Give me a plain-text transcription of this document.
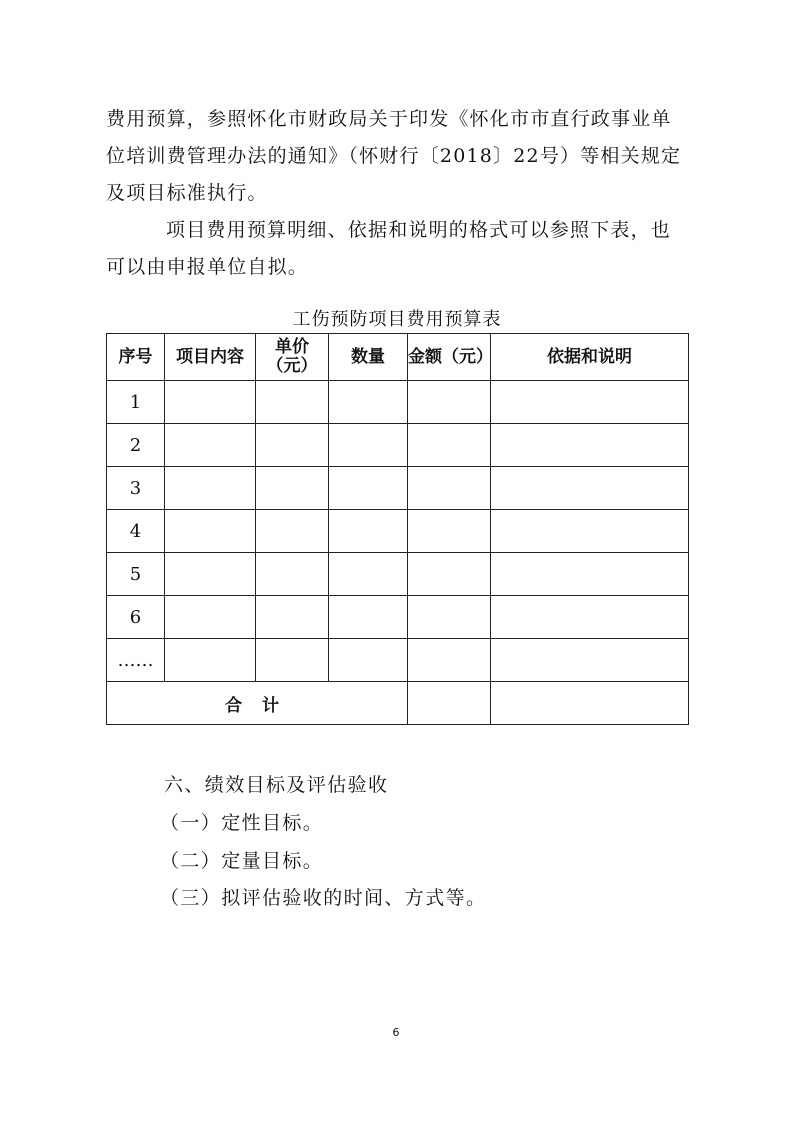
费用预算，参照怀化市财政局关于印发《怀化市市直行政事业单位培训费管理办法的通知》（怀财行〔2018〕22号）等相关规定及项目标准执行。

项目费用预算明细、依据和说明的格式可以参照下表，也可以由申报单位自拟。

工伤预防项目费用预算表
序号	项目内容	单价（元）	数量	金额（元）	依据和说明
1					
2					
3					
4					
5					
6					
……					
合计					

六、绩效目标及评估验收

（一）定性目标。

（二）定量目标。

（三）拟评估验收的时间、方式等。

6
